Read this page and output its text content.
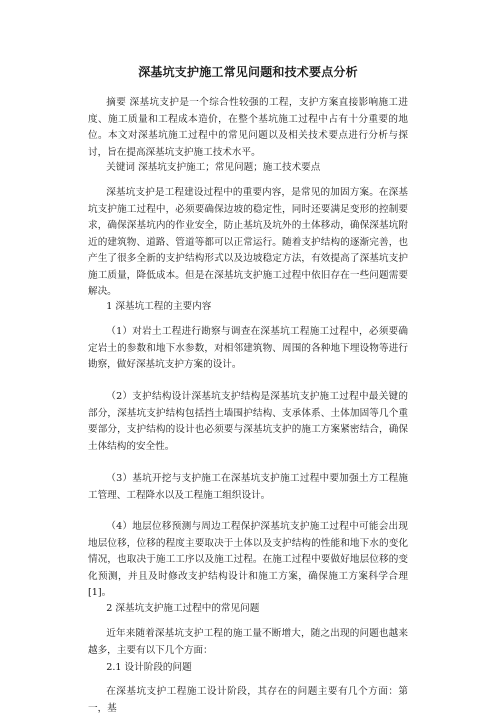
深基坑支护施工常见问题和技术要点分析

摘要 深基坑支护是一个综合性较强的工程，支护方案直接影响施工进度、施工质量和工程成本造价，在整个基坑施工过程中占有十分重要的地位。本文对深基坑施工过程中的常见问题以及相关技术要点进行分析与探讨，旨在提高深基坑支护施工技术水平。

关键词 深基坑支护施工；常见问题；施工技术要点

深基坑支护是工程建设过程中的重要内容，是常见的加固方案。在深基坑支护施工过程中，必须要确保边坡的稳定性，同时还要满足变形的控制要求，确保深基坑内的作业安全，防止基坑及坑外的土体移动，确保深基坑附近的建筑物、道路、管道等都可以正常运行。随着支护结构的逐渐完善，也产生了很多全新的支护结构形式以及边坡稳定方法，有效提高了深基坑支护施工质量，降低成本。但是在深基坑支护施工过程中依旧存在一些问题需要解决。

1 深基坑工程的主要内容

（1）对岩土工程进行勘察与调查在深基坑工程施工过程中，必须要确定岩土的参数和地下水参数，对相邻建筑物、周围的各种地下埋设物等进行勘察，做好深基坑支护方案的设计。

（2）支护结构设计深基坑支护结构是深基坑支护施工过程中最关键的部分，深基坑支护结构包括挡土墙围护结构、支承体系、土体加固等几个重要部分，支护结构的设计也必须要与深基坑支护的施工方案紧密结合，确保土体结构的安全性。

（3）基坑开挖与支护施工在深基坑支护施工过程中要加强土方工程施工管理、工程降水以及工程施工组织设计。

（4）地层位移预测与周边工程保护深基坑支护施工过程中可能会出现地层位移，位移的程度主要取决于土体以及支护结构的性能和地下水的变化情况，也取决于施工工序以及施工过程。在施工过程中要做好地层位移的变化预测，并且及时修改支护结构设计和施工方案，确保施工方案科学合理[1]。

2 深基坑支护施工过程中的常见问题

近年来随着深基坑支护工程的施工量不断增大，随之出现的问题也越来越多，主要有以下几个方面：

2.1 设计阶段的问题

在深基坑支护工程施工设计阶段，其存在的问题主要有几个方面：第一，基
